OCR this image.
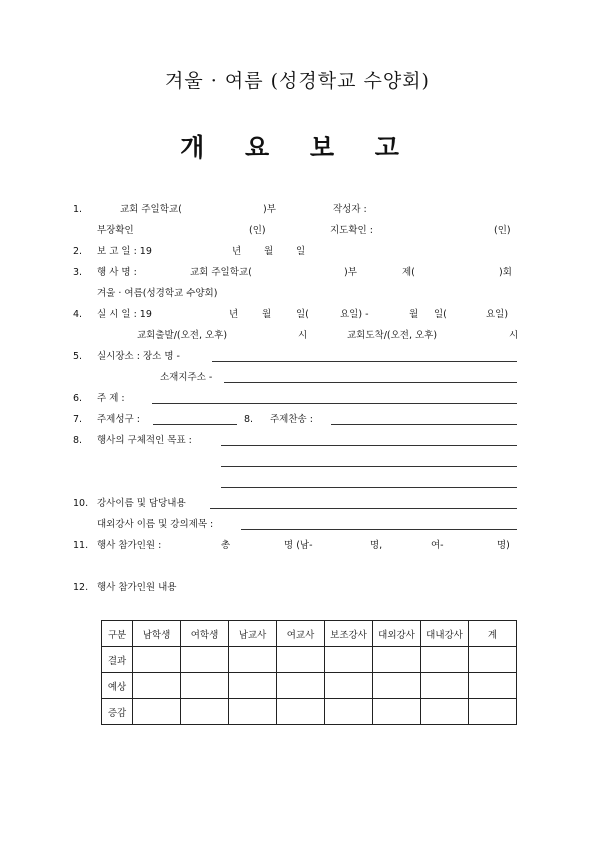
겨울 · 여름 (성경학교 수양회)
개 요 보 고
1.	교회 주일학교(	)부	작성자 :
부장확인	(인)	지도확인 :	(인)
2. 보 고 일 : 19	년 월 일
3. 행 사 명 :	교회 주일학교(	)부	제(	)회
겨울 · 여름(성경학교 수양회)
4. 실 시 일 : 19	년	월	일(	요일) -	월 일(	요일)
교회출발/(오전, 오후)	시	교회도착/(오전, 오후)	시
5. 실시장소 : 장소 명 -
소재지주소 -
6. 주 제 :
7. 주제성구 :	8. 주제찬송 :
8. 행사의 구체적인 목표 :
10. 강사이름 및 담당내용
대외강사 이름 및 강의제목 :
11. 행사 참가인원 :	총	명 (남-	명,	여-	명)
12. 행사 참가인원 내용
구분	남학생	여학생	남교사	여교사	보조강사	대외강사	대내강사	계
결과								
예상								
증감								
